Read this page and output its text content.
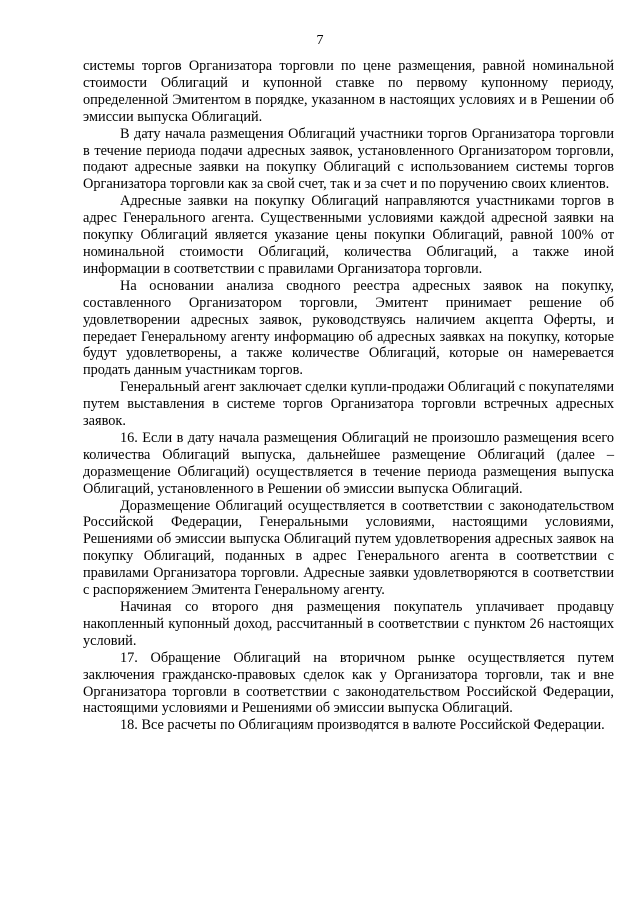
7

системы торгов Организатора торговли по цене размещения, равной номинальной стоимости Облигаций и купонной ставке по первому купонному периоду, определенной Эмитентом в порядке, указанном в настоящих условиях и в Решении об эмиссии выпуска Облигаций.

В дату начала размещения Облигаций участники торгов Организатора торговли в течение периода подачи адресных заявок, установленного Организатором торговли, подают адресные заявки на покупку Облигаций с использованием системы торгов Организатора торговли как за свой счет, так и за счет и по поручению своих клиентов.

Адресные заявки на покупку Облигаций направляются участниками торгов в адрес Генерального агента. Существенными условиями каждой адресной заявки на покупку Облигаций является указание цены покупки Облигаций, равной 100% от номинальной стоимости Облигаций, количества Облигаций, а также иной информации в соответствии с правилами Организатора торговли.

На основании анализа сводного реестра адресных заявок на покупку, составленного Организатором торговли, Эмитент принимает решение об удовлетворении адресных заявок, руководствуясь наличием акцепта Оферты, и передает Генеральному агенту информацию об адресных заявках на покупку, которые будут удовлетворены, а также количестве Облигаций, которые он намеревается продать данным участникам торгов.

Генеральный агент заключает сделки купли-продажи Облигаций с покупателями путем выставления в системе торгов Организатора торговли встречных адресных заявок.

16. Если в дату начала размещения Облигаций не произошло размещения всего количества Облигаций выпуска, дальнейшее размещение Облигаций (далее – доразмещение Облигаций) осуществляется в течение периода размещения выпуска Облигаций, установленного в Решении об эмиссии выпуска Облигаций.

Доразмещение Облигаций осуществляется в соответствии с законодательством Российской Федерации, Генеральными условиями, настоящими условиями, Решениями об эмиссии выпуска Облигаций путем удовлетворения адресных заявок на покупку Облигаций, поданных в адрес Генерального агента в соответствии с правилами Организатора торговли. Адресные заявки удовлетворяются в соответствии с распоряжением Эмитента Генеральному агенту.

Начиная со второго дня размещения покупатель уплачивает продавцу накопленный купонный доход, рассчитанный в соответствии с пунктом 26 настоящих условий.

17. Обращение Облигаций на вторичном рынке осуществляется путем заключения гражданско-правовых сделок как у Организатора торговли, так и вне Организатора торговли в соответствии с законодательством Российской Федерации, настоящими условиями и Решениями об эмиссии выпуска Облигаций.

18. Все расчеты по Облигациям производятся в валюте Российской Федерации.
